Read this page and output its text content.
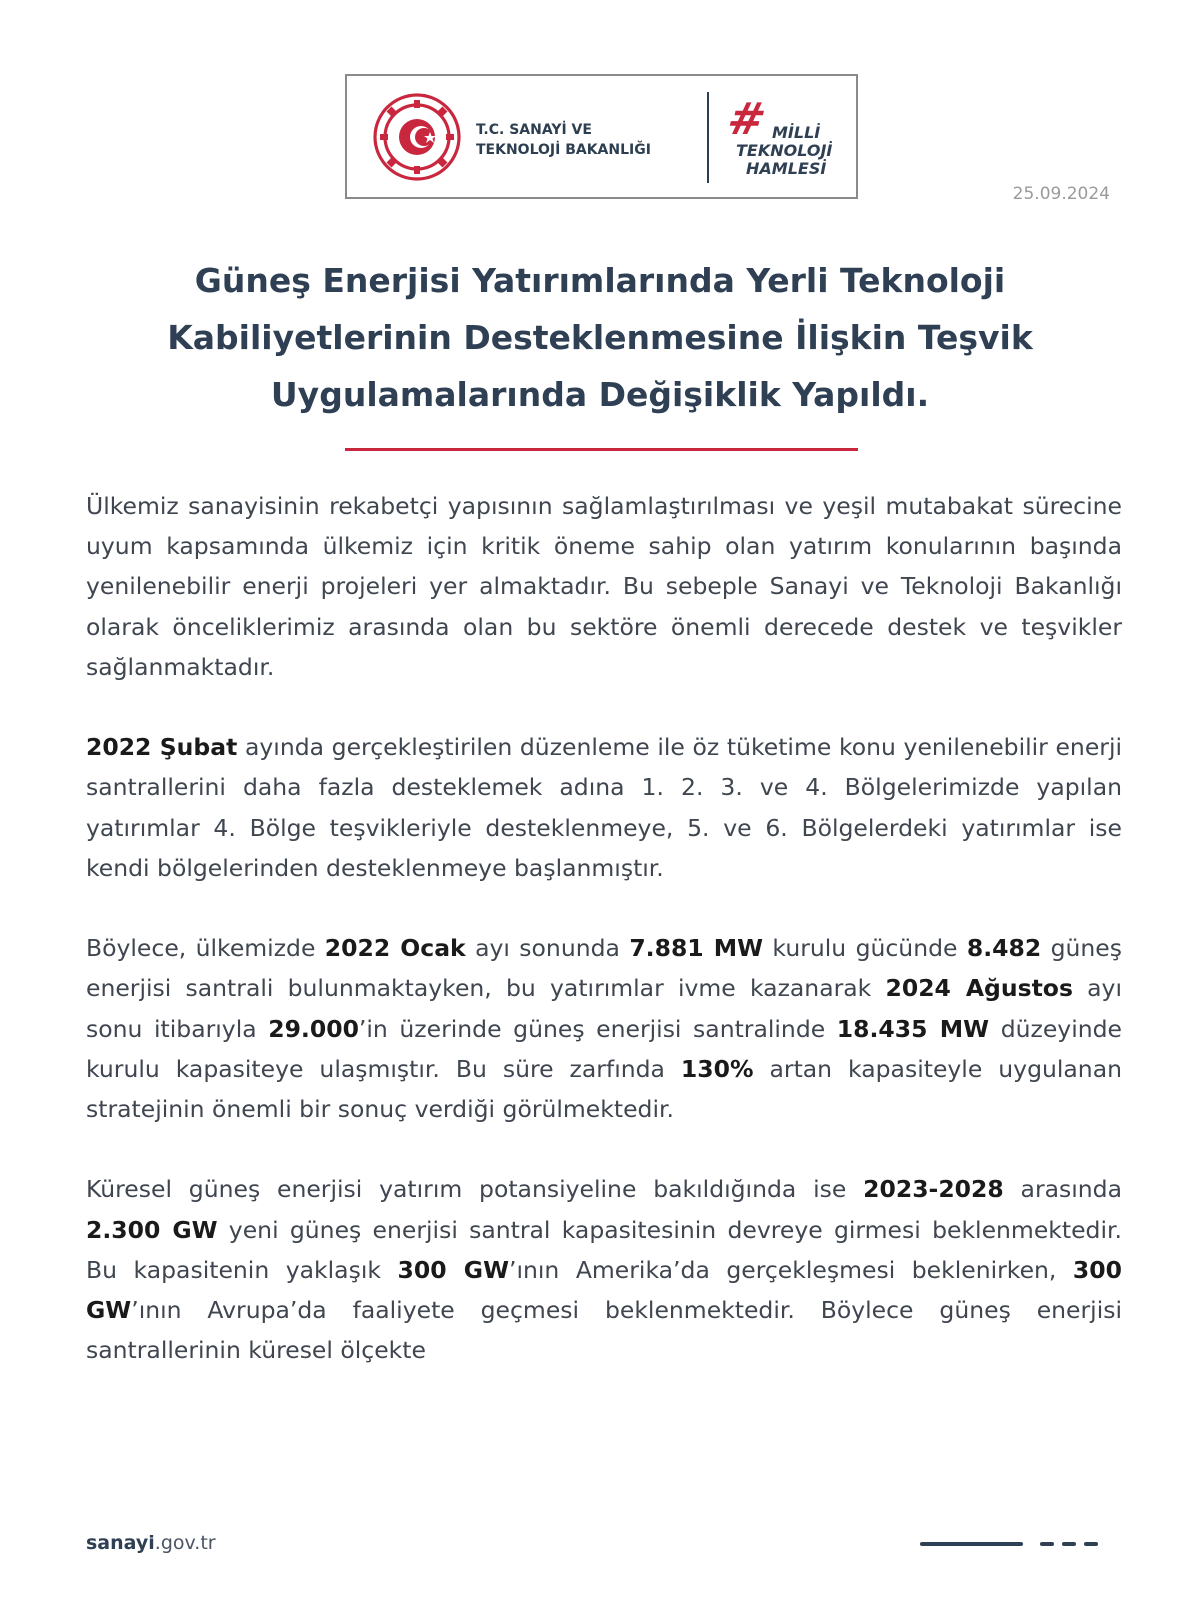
T.C. SANAYİ VE
TEKNOLOJİ BAKANLIĞI
# MİLLİ
TEKNOLOJİ
HAMLESİ
25.09.2024
Güneş Enerjisi Yatırımlarında Yerli Teknoloji
Kabiliyetlerinin Desteklenmesine İlişkin Teşvik
Uygulamalarında Değişiklik Yapıldı.

Ülkemiz sanayisinin rekabetçi yapısının sağlamlaştırılması ve yeşil mutabakat sürecine uyum kapsamında ülkemiz için kritik öneme sahip olan yatırım konularının başında yenilenebilir enerji projeleri yer almaktadır. Bu sebeple Sanayi ve Teknoloji Bakanlığı olarak önceliklerimiz arasında olan bu sektöre önemli derecede destek ve teşvikler sağlanmaktadır.

2022 Şubat ayında gerçekleştirilen düzenleme ile öz tüketime konu yenilenebilir enerji santrallerini daha fazla desteklemek adına 1. 2. 3. ve 4. Bölgelerimizde yapılan yatırımlar 4. Bölge teşvikleriyle desteklenmeye, 5. ve 6. Bölgelerdeki yatırımlar ise kendi bölgelerinden desteklenmeye başlanmıştır.

Böylece, ülkemizde 2022 Ocak ayı sonunda 7.881 MW kurulu gücünde 8.482 güneş enerjisi santrali bulunmaktayken, bu yatırımlar ivme kazanarak 2024 Ağustos ayı sonu itibarıyla 29.000’in üzerinde güneş enerjisi santralinde 18.435 MW düzeyinde kurulu kapasiteye ulaşmıştır. Bu süre zarfında 130% artan kapasiteyle uygulanan stratejinin önemli bir sonuç verdiği görülmektedir.

Küresel güneş enerjisi yatırım potansiyeline bakıldığında ise 2023-2028 arasında 2.300 GW yeni güneş enerjisi santral kapasitesinin devreye girmesi beklenmektedir. Bu kapasitenin yaklaşık 300 GW’ının Amerika’da gerçekleşmesi beklenirken, 300 GW’ının Avrupa’da faaliyete geçmesi beklenmektedir. Böylece güneş enerjisi santrallerinin küresel ölçekte

sanayi.gov.tr
